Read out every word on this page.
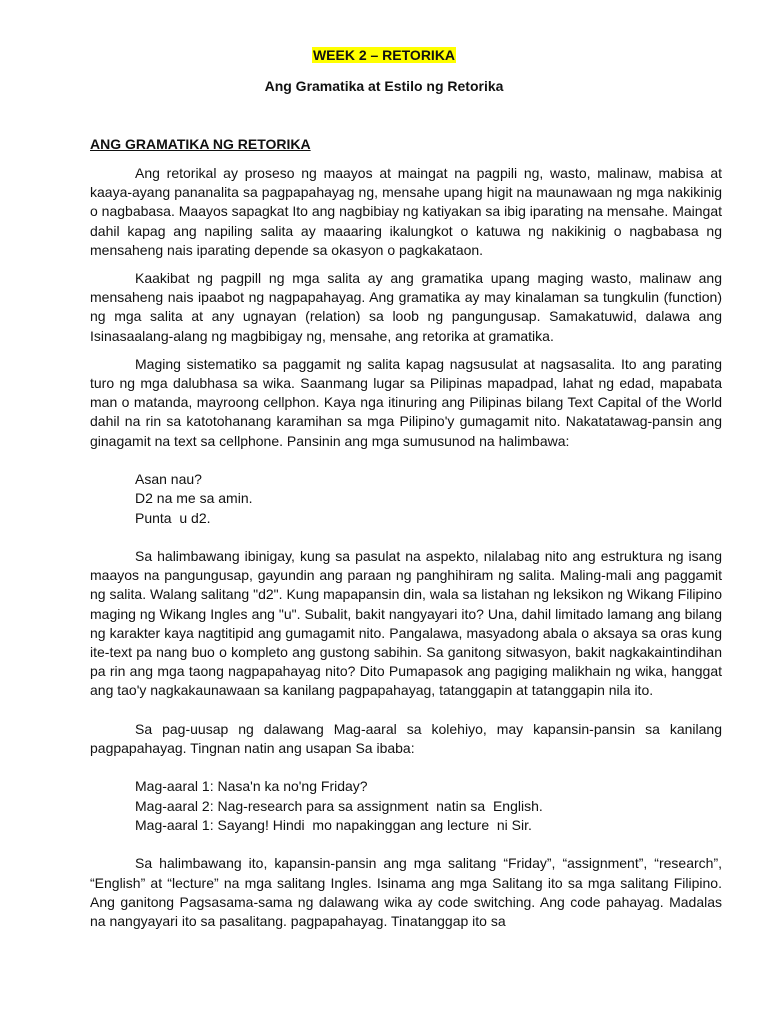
WEEK 2 – RETORIKA
Ang Gramatika at Estilo ng Retorika
ANG GRAMATIKA NG RETORIKA

Ang retorikal ay proseso ng maayos at maingat na pagpili ng, wasto, malinaw, mabisa at kaaya-ayang pananalita sa pagpapahayag ng, mensahe upang higit na maunawaan ng mga nakikinig o nagbabasa. Maayos sapagkat Ito ang nagbibiay ng katiyakan sa ibig iparating na mensahe. Maingat dahil kapag ang napiling salita ay maaaring ikalungkot o katuwa ng nakikinig o nagbabasa ng mensaheng nais iparating depende sa okasyon o pagkakataon.

Kaakibat ng pagpill ng mga salita ay ang gramatika upang maging wasto, malinaw ang mensaheng nais ipaabot ng nagpapahayag. Ang gramatika ay may kinalaman sa tungkulin (function) ng mga salita at any ugnayan (relation) sa loob ng pangungusap. Samakatuwid, dalawa ang Isinasaalang-alang ng magbibigay ng, mensahe, ang retorika at gramatika.

Maging sistematiko sa paggamit ng salita kapag nagsusulat at nagsasalita. Ito ang parating turo ng mga dalubhasa sa wika. Saanmang lugar sa Pilipinas mapadpad, lahat ng edad, mapabata man o matanda, mayroong cellphon. Kaya nga itinuring ang Pilipinas bilang Text Capital of the World dahil na rin sa katotohanang karamihan sa mga Pilipino'y gumagamit nito. Nakatatawag-pansin ang ginagamit na text sa cellphone. Pansinin ang mga sumusunod na halimbawa:

Asan nau?
D2 na me sa amin.
Punta  u d2.

Sa halimbawang ibinigay, kung sa pasulat na aspekto, nilalabag nito ang estruktura ng isang maayos na pangungusap, gayundin ang paraan ng panghihiram ng salita. Maling-mali ang paggamit ng salita. Walang salitang "d2". Kung mapapansin din, wala sa listahan ng leksikon ng Wikang Filipino maging ng Wikang Ingles ang "u". Subalit, bakit nangyayari ito? Una, dahil limitado lamang ang bilang ng karakter kaya nagtitipid ang gumagamit nito. Pangalawa, masyadong abala o aksaya sa oras kung ite-text pa nang buo o kompleto ang gustong sabihin. Sa ganitong sitwasyon, bakit nagkakaintindihan pa rin ang mga taong nagpapahayag nito? Dito Pumapasok ang pagiging malikhain ng wika, hanggat ang tao'y nagkakaunawaan sa kanilang pagpapahayag, tatanggapin at tatanggapin nila ito.

Sa pag-uusap ng dalawang Mag-aaral sa kolehiyo, may kapansin-pansin sa kanilang pagpapahayag. Tingnan natin ang usapan Sa ibaba:

Mag-aaral 1: Nasa'n ka no'ng Friday?
Mag-aaral 2: Nag-research para sa assignment  natin sa  English.
Mag-aaral 1: Sayang! Hindi  mo napakinggan ang lecture  ni Sir.

Sa halimbawang ito, kapansin-pansin ang mga salitang “Friday”, “assignment”, “research”, “English” at “lecture” na mga salitang Ingles. Isinama ang mga Salitang ito sa mga salitang Filipino. Ang ganitong Pagsasama-sama ng dalawang wika ay code switching. Ang code pahayag. Madalas na nangyayari ito sa pasalitang. pagpapahayag. Tinatanggap ito sa
